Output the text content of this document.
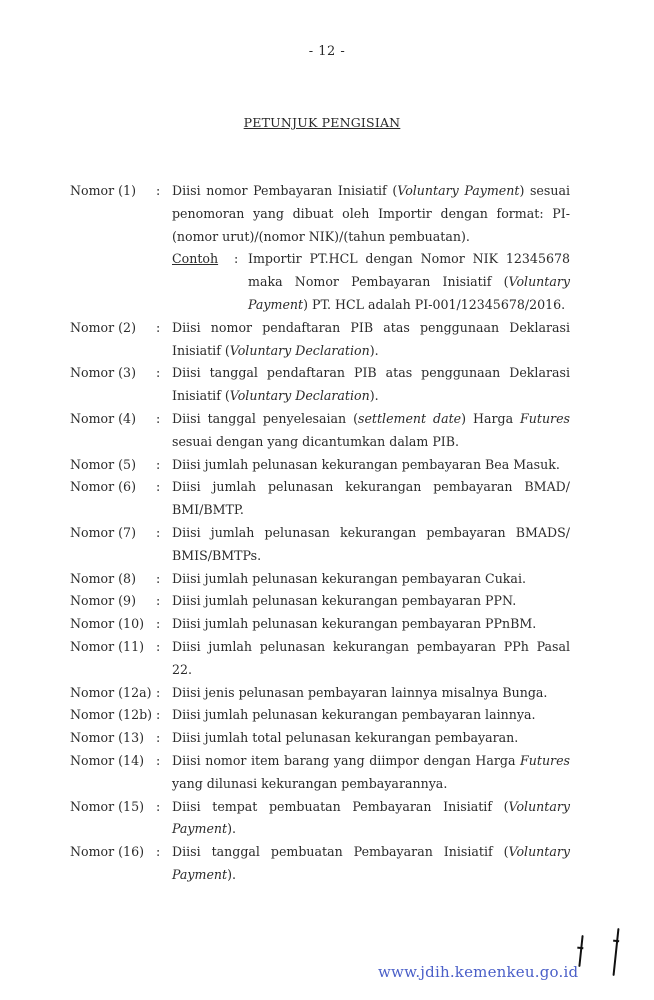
- 12 -
PETUNJUK PENGISIAN
Nomor (1)	: Diisi nomor Pembayaran Inisiatif (Voluntary Payment) sesuai penomoran yang dibuat oleh Importir dengan format: PI-(nomor urut)/(nomor NIK)/(tahun pembuatan).
Contoh	: Importir PT.HCL dengan Nomor NIK 12345678 maka Nomor Pembayaran Inisiatif (Voluntary Payment) PT. HCL adalah PI-001/12345678/2016.
Nomor (2)	: Diisi nomor pendaftaran PIB atas penggunaan Deklarasi Inisiatif (Voluntary Declaration).
Nomor (3)	: Diisi tanggal pendaftaran PIB atas penggunaan Deklarasi Inisiatif (Voluntary Declaration).
Nomor (4)	: Diisi tanggal penyelesaian (settlement date) Harga Futures sesuai dengan yang dicantumkan dalam PIB.
Nomor (5)	: Diisi jumlah pelunasan kekurangan pembayaran Bea Masuk.
Nomor (6)	: Diisi jumlah pelunasan kekurangan pembayaran BMAD/ BMI/BMTP.
Nomor (7)	: Diisi jumlah pelunasan kekurangan pembayaran BMADS/ BMIS/BMTPs.
Nomor (8)	: Diisi jumlah pelunasan kekurangan pembayaran Cukai.
Nomor (9)	: Diisi jumlah pelunasan kekurangan pembayaran PPN.
Nomor (10) : Diisi jumlah pelunasan kekurangan pembayaran PPnBM.
Nomor (11) : Diisi jumlah pelunasan kekurangan pembayaran PPh Pasal 22.
Nomor (12a) : Diisi jenis pelunasan pembayaran lainnya misalnya Bunga.
Nomor (12b) : Diisi jumlah pelunasan kekurangan pembayaran lainnya.
Nomor (13) : Diisi jumlah total pelunasan kekurangan pembayaran.
Nomor (14) : Diisi nomor item barang yang diimpor dengan Harga Futures yang dilunasi kekurangan pembayarannya.
Nomor (15) : Diisi tempat pembuatan Pembayaran Inisiatif (Voluntary Payment).
Nomor (16) : Diisi tanggal pembuatan Pembayaran Inisiatif (Voluntary Payment).
www.jdih.kemenkeu.go.id
